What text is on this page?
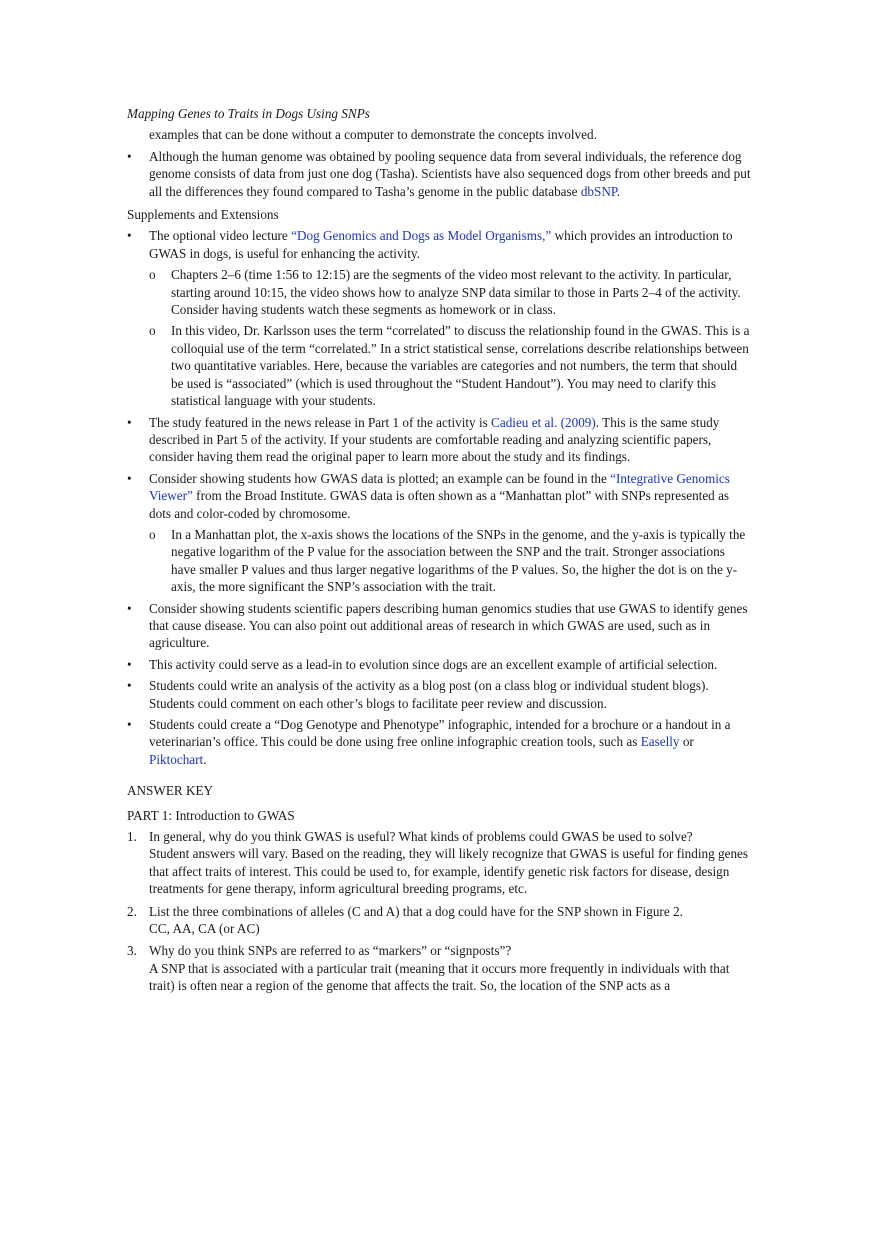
Mapping Genes to Traits in Dogs Using SNPs

examples that can be done without a computer to demonstrate the concepts involved.

• Although the human genome was obtained by pooling sequence data from several individuals, the reference dog genome consists of data from just one dog (Tasha). Scientists have also sequenced dogs from other breeds and put all the differences they found compared to Tasha’s genome in the public database dbSNP.
Supplements and Extensions
• The optional video lecture “Dog Genomics and Dogs as Model Organisms,” which provides an introduction to GWAS in dogs, is useful for enhancing the activity.
o Chapters 2–6 (time 1:56 to 12:15) are the segments of the video most relevant to the activity. In particular, starting around 10:15, the video shows how to analyze SNP data similar to those in Parts 2–4 of the activity. Consider having students watch these segments as homework or in class.
o In this video, Dr. Karlsson uses the term “correlated” to discuss the relationship found in the GWAS. This is a colloquial use of the term “correlated.” In a strict statistical sense, correlations describe relationships between two quantitative variables. Here, because the variables are categories and not numbers, the term that should be used is “associated” (which is used throughout the “Student Handout”). You may need to clarify this statistical language with your students.
• The study featured in the news release in Part 1 of the activity is Cadieu et al. (2009). This is the same study described in Part 5 of the activity. If your students are comfortable reading and analyzing scientific papers, consider having them read the original paper to learn more about the study and its findings.
• Consider showing students how GWAS data is plotted; an example can be found in the “Integrative Genomics Viewer” from the Broad Institute. GWAS data is often shown as a “Manhattan plot” with SNPs represented as dots and color-coded by chromosome.
o In a Manhattan plot, the x-axis shows the locations of the SNPs in the genome, and the y-axis is typically the negative logarithm of the P value for the association between the SNP and the trait. Stronger associations have smaller P values and thus larger negative logarithms of the P values. So, the higher the dot is on the y-axis, the more significant the SNP’s association with the trait.
• Consider showing students scientific papers describing human genomics studies that use GWAS to identify genes that cause disease. You can also point out additional areas of research in which GWAS are used, such as in agriculture.
• This activity could serve as a lead-in to evolution since dogs are an excellent example of artificial selection.
• Students could write an analysis of the activity as a blog post (on a class blog or individual student blogs). Students could comment on each other’s blogs to facilitate peer review and discussion.
• Students could create a “Dog Genotype and Phenotype” infographic, intended for a brochure or a handout in a veterinarian’s office. This could be done using free online infographic creation tools, such as Easelly or Piktochart.
ANSWER KEY
PART 1: Introduction to GWAS
1. In general, why do you think GWAS is useful? What kinds of problems could GWAS be used to solve?
Student answers will vary. Based on the reading, they will likely recognize that GWAS is useful for finding genes that affect traits of interest. This could be used to, for example, identify genetic risk factors for disease, design treatments for gene therapy, inform agricultural breeding programs, etc.
2. List the three combinations of alleles (C and A) that a dog could have for the SNP shown in Figure 2.
CC, AA, CA (or AC)
3. Why do you think SNPs are referred to as “markers” or “signposts”?
A SNP that is associated with a particular trait (meaning that it occurs more frequently in individuals with that trait) is often near a region of the genome that affects the trait. So, the location of the SNP acts as a
